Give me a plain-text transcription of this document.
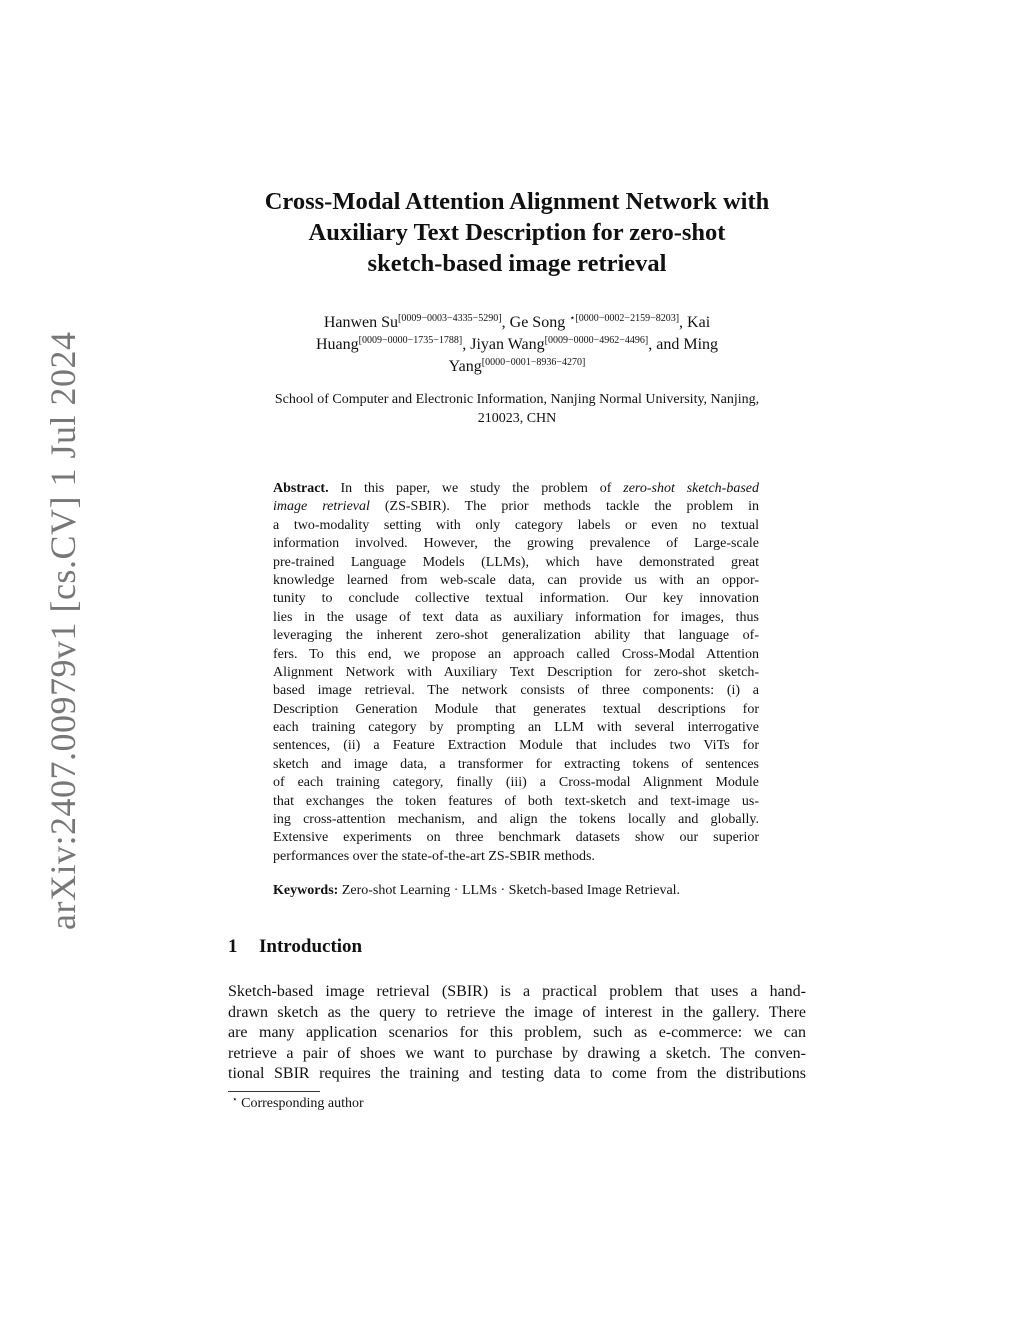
arXiv:2407.00979v1 [cs.CV] 1 Jul 2024
Cross-Modal Attention Alignment Network with
Auxiliary Text Description for zero-shot
sketch-based image retrieval
Hanwen Su[0009−0003−4335−5290], Ge Song $^{⋆[0000-0002-2159-8203]}$, Kai
Huang[0009−0000−1735−1788], Jiyan Wang[0009−0000−4962−4496], and Ming
Yang[0000−0001−8936−4270]
School of Computer and Electronic Information, Nanjing Normal University, Nanjing,
210023, CHN
Abstract. In this paper, we study the problem of zero-shot sketch-based
image retrieval (ZS-SBIR). The prior methods tackle the problem in
a two-modality setting with only category labels or even no textual
information involved. However, the growing prevalence of Large-scale
pre-trained Language Models (LLMs), which have demonstrated great
knowledge learned from web-scale data, can provide us with an oppor-
tunity to conclude collective textual information. Our key innovation
lies in the usage of text data as auxiliary information for images, thus
leveraging the inherent zero-shot generalization ability that language of-
fers. To this end, we propose an approach called Cross-Modal Attention
Alignment Network with Auxiliary Text Description for zero-shot sketch-
based image retrieval. The network consists of three components: (i) a
Description Generation Module that generates textual descriptions for
each training category by prompting an LLM with several interrogative
sentences, (ii) a Feature Extraction Module that includes two ViTs for
sketch and image data, a transformer for extracting tokens of sentences
of each training category, finally (iii) a Cross-modal Alignment Module
that exchanges the token features of both text-sketch and text-image us-
ing cross-attention mechanism, and align the tokens locally and globally.
Extensive experiments on three benchmark datasets show our superior
performances over the state-of-the-art ZS-SBIR methods.
Keywords: Zero-shot Learning · LLMs · Sketch-based Image Retrieval.
1 Introduction
Sketch-based image retrieval (SBIR) is a practical problem that uses a hand-
drawn sketch as the query to retrieve the image of interest in the gallery. There
are many application scenarios for this problem, such as e-commerce: we can
retrieve a pair of shoes we want to purchase by drawing a sketch. The conven-
tional SBIR requires the training and testing data to come from the distributions
⋆ Corresponding author
